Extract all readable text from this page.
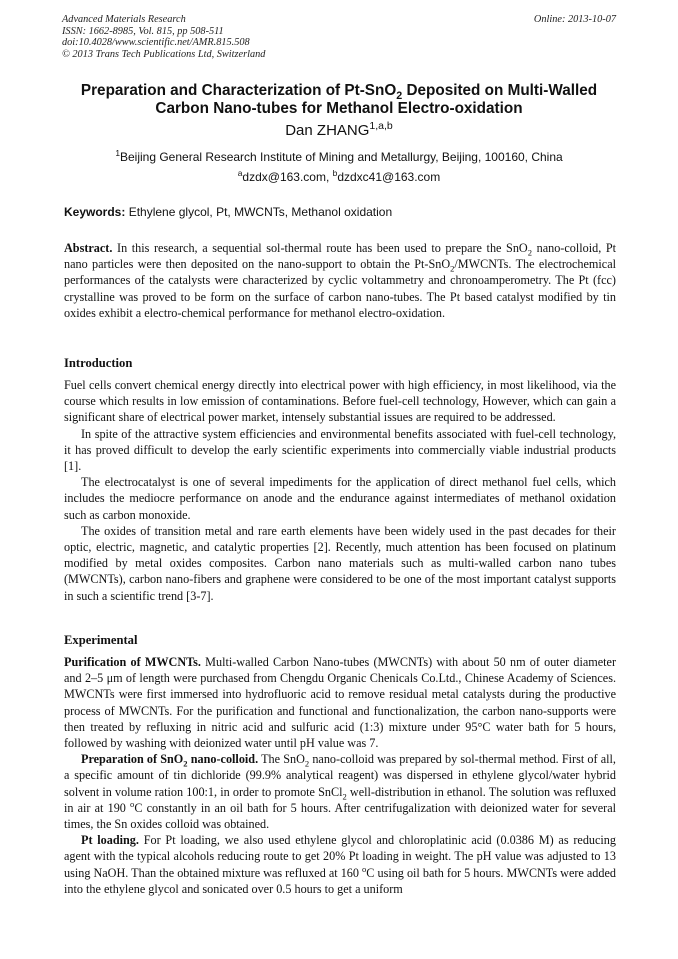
Advanced Materials Research
ISSN: 1662-8985, Vol. 815, pp 508-511
doi:10.4028/www.scientific.net/AMR.815.508
© 2013 Trans Tech Publications Ltd, Switzerland
Online: 2013-10-07
Preparation and Characterization of Pt-SnO$_2$ Deposited on Multi-Walled
Carbon Nano-tubes for Methanol Electro-oxidation
Dan ZHANG$^{1,a,b}$
$^1$Beijing General Research Institute of Mining and Metallurgy, Beijing, 100160, China
$^a$dzdx@163.com, $^b$dzdxc41@163.com
Keywords: Ethylene glycol, Pt, MWCNTs, Methanol oxidation

Abstract. In this research, a sequential sol-thermal route has been used to prepare the SnO$_2$ nano-colloid, Pt nano particles were then deposited on the nano-support to obtain the Pt-SnO$_2$/MWCNTs. The electrochemical performances of the catalysts were characterized by cyclic voltammetry and chronoamperometry. The Pt (fcc) crystalline was proved to be form on the surface of carbon nano-tubes. The Pt based catalyst modified by tin oxides exhibit a electro-chemical performance for methanol electro-oxidation.

Introduction

Fuel cells convert chemical energy directly into electrical power with high efficiency, in most likelihood, via the course which results in low emission of contaminations. Before fuel-cell technology, However, which can gain a significant share of electrical power market, intensely substantial issues are required to be addressed.

In spite of the attractive system efficiencies and environmental benefits associated with fuel-cell technology, it has proved difficult to develop the early scientific experiments into commercially viable industrial products [1].

The electrocatalyst is one of several impediments for the application of direct methanol fuel cells, which includes the mediocre performance on anode and the endurance against intermediates of methanol oxidation such as carbon monoxide.

The oxides of transition metal and rare earth elements have been widely used in the past decades for their optic, electric, magnetic, and catalytic properties [2]. Recently, much attention has been focused on platinum modified by metal oxides composites. Carbon nano materials such as multi-walled carbon nano tubes (MWCNTs), carbon nano-fibers and graphene were considered to be one of the most important catalyst supports in such a scientific trend [3-7].

Experimental

Purification of MWCNTs. Multi-walled Carbon Nano-tubes (MWCNTs) with about 50 nm of outer diameter and 2–5 μm of length were purchased from Chengdu Organic Chenicals Co.Ltd., Chinese Academy of Sciences. MWCNTs were first immersed into hydrofluoric acid to remove residual metal catalysts during the productive process of MWCNTs. For the purification and functional and functionalization, the carbon nano-supports were then treated by refluxing in nitric acid and sulfuric acid (1:3) mixture under 95°C water bath for 5 hours, followed by washing with deionized water until pH value was 7.

Preparation of SnO$_2$ nano-colloid. The SnO$_2$ nano-colloid was prepared by sol-thermal method. First of all, a specific amount of tin dichloride (99.9% analytical reagent) was dispersed in ethylene glycol/water hybrid solvent in volume ration 100:1, in order to promote SnCl$_2$ well-distribution in ethanol. The solution was refluxed in air at 190 $^o$C constantly in an oil bath for 5 hours. After centrifugalization with deionized water for several times, the Sn oxides colloid was obtained.

Pt loading. For Pt loading, we also used ethylene glycol and chloroplatinic acid (0.0386 M) as reducing agent with the typical alcohols reducing route to get 20% Pt loading in weight. The pH value was adjusted to 13 using NaOH. Than the obtained mixture was refluxed at 160 $^o$C using oil bath for 5 hours. MWCNTs were added into the ethylene glycol and sonicated over 0.5 hours to get a uniform
